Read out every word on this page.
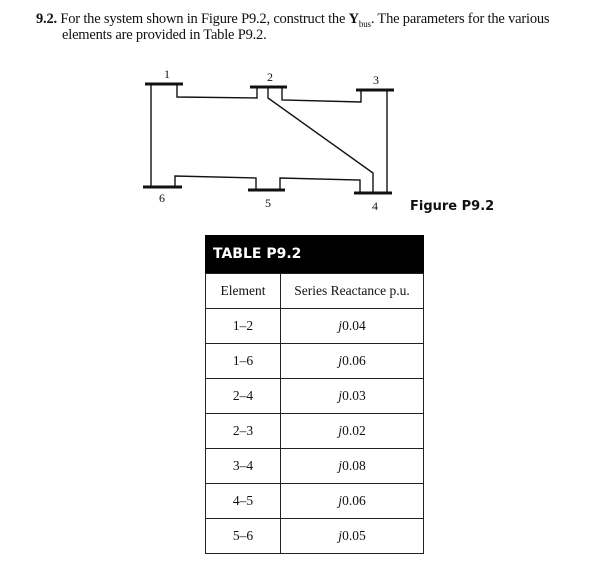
9.2. For the system shown in Figure P9.2, construct the $Y_{bus}$. The parameters for the various
elements are provided in Table P9.2.
1	2	3
4
5
6
Figure P9.2
TABLE P9.2
Element	Series Reactance p.u.
1–2	j0.04
1–6	j0.06
2–4	j0.03
2–3	j0.02
3–4	j0.08
4–5	j0.06
5–6	j0.05
